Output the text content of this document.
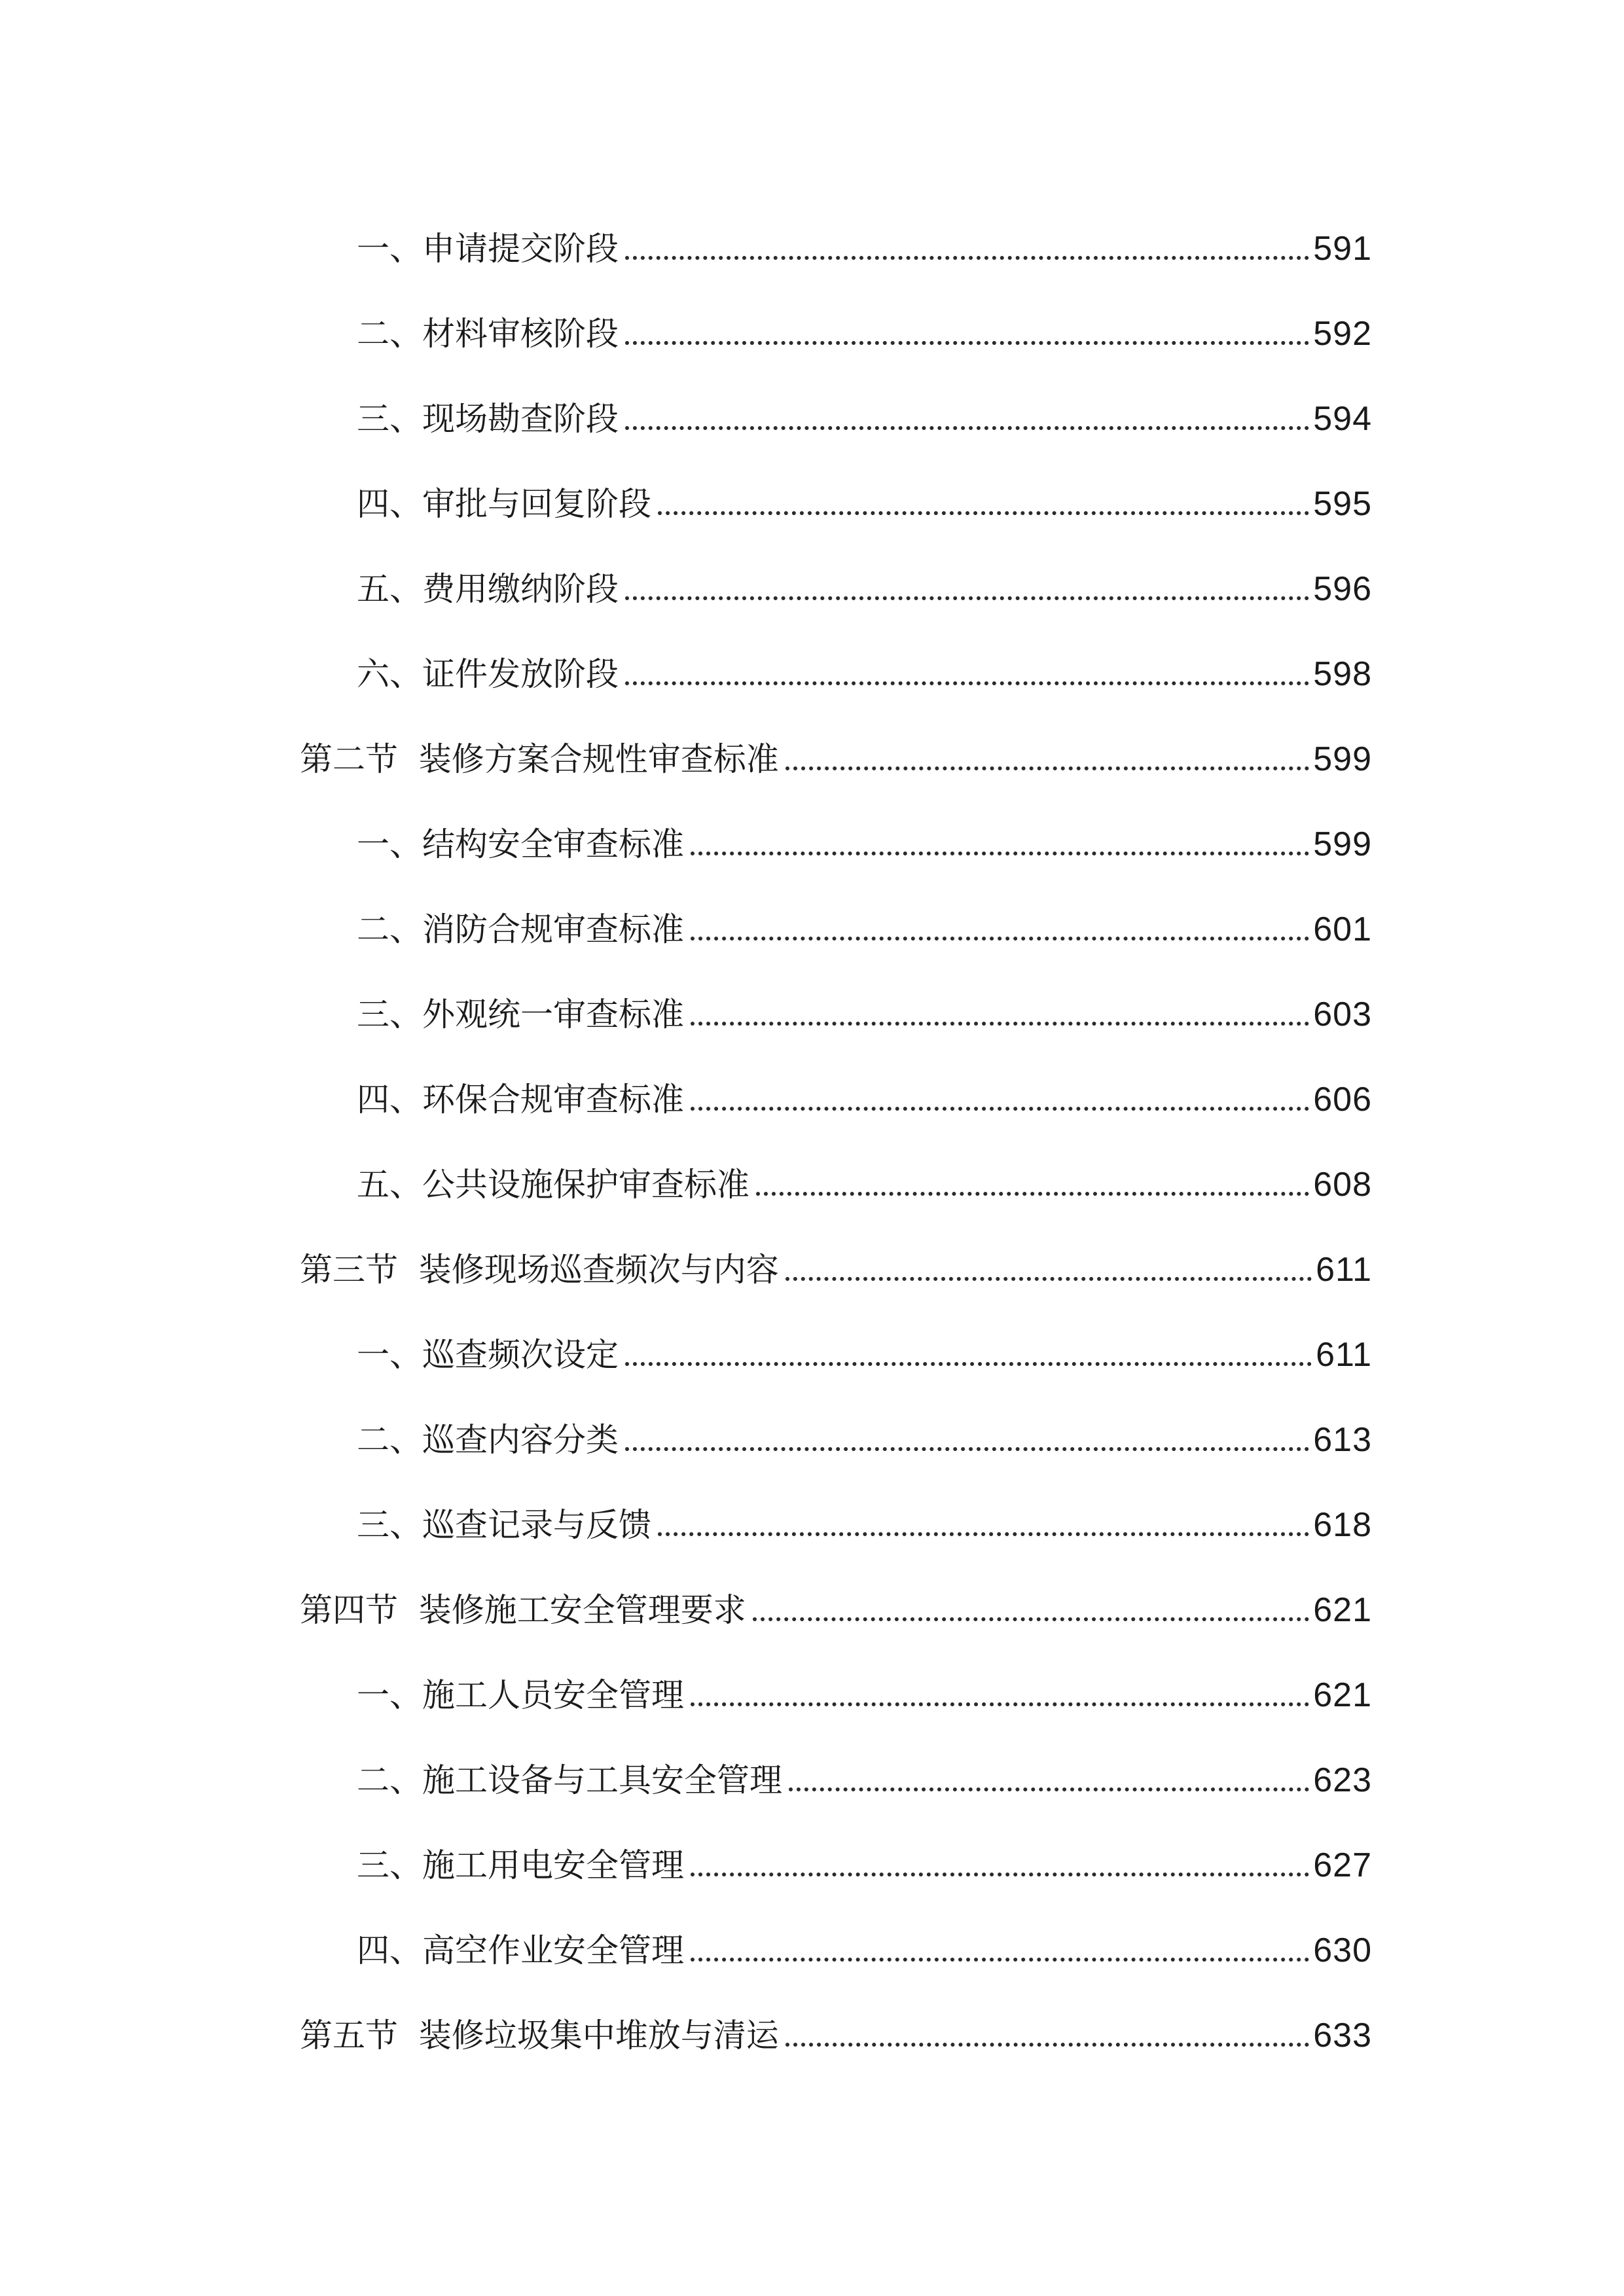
一、申请提交阶段	591
二、材料审核阶段	592
三、现场勘查阶段	594
四、审批与回复阶段	595
五、费用缴纳阶段	596
六、证件发放阶段	598
第二节  装修方案合规性审查标准	599
一、结构安全审查标准	599
二、消防合规审查标准	601
三、外观统一审查标准	603
四、环保合规审查标准	606
五、公共设施保护审查标准	608
第三节  装修现场巡查频次与内容	611
一、巡查频次设定	611
二、巡查内容分类	613
三、巡查记录与反馈	618
第四节  装修施工安全管理要求	621
一、施工人员安全管理	621
二、施工设备与工具安全管理	623
三、施工用电安全管理	627
四、高空作业安全管理	630
第五节  装修垃圾集中堆放与清运	633
